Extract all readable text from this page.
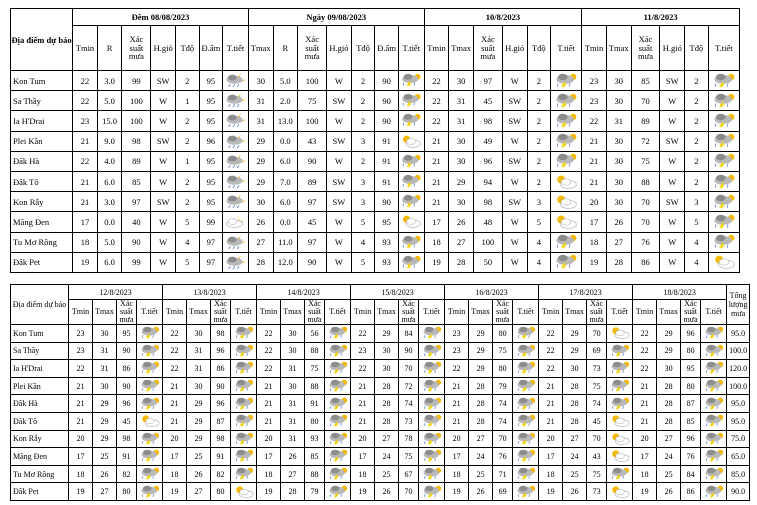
Địa điểm dự báo	Đêm 08/08/2023							Ngày 09/08/2023							10/8/2023						11/8/2023					
	Tmin	R	Xác suất mưa	H.gió	Tđộ	Đ.ẩm	T.tiết	Tmax	R	Xác suất mưa	H.gió	Tđộ	Đ.ẩm	T.tiết	Tmin	Tmax	Xác suất mưa	H.gió	Tđộ	T.tiết	Tmin	Tmax	Xác suất mưa	H.gió	Tđộ	T.tiết
Kon Tum	22	3.0	99	SW	2	95		30	5.0	100	W	2	90		22	30	97	W	2		23	30	85	SW	2	

Sa Thầy	22	5.0	100	W	1	95		31	2.0	75	SW	2	90		22	31	45	SW	2		23	30	70	W	2	

Ia H'Drai	23	15.0	100	W	2	95		31	13.0	100	W	2	90		22	31	98	SW	2		22	31	89	W	2	

Plei Kần	21	9.0	98	SW	2	96		29	0.0	43	SW	3	91		21	30	49	W	2		21	30	72	SW	2	

Đăk Hà	22	4.0	89	W	1	95		29	6.0	90	W	2	91		21	30	96	SW	2		21	30	75	W	2	

Đăk Tô	21	6.0	85	W	2	95		29	7.0	89	SW	3	91		21	29	94	W	2		21	30	88	W	2	

Kon Rẫy	21	3.0	97	SW	2	95		30	6.0	97	SW	3	90		21	30	98	SW	3		20	30	70	SW	3	

Măng Đen	17	0.0	40	W	5	99		26	0.0	45	W	5	95		17	26	48	W	5		17	26	70	W	5	

Tu Mơ Rông	18	5.0	90	W	4	97		27	11.0	97	W	4	93		18	27	100	W	4		18	27	76	W	4	

Đăk Pet	19	6.0	99	W	5	97		28	12.0	90	W	5	93		19	28	50	W	4		19	28	86	W	4	
Địa điểm dự báo	12/8/2023				13/8/2023				14/8/2023				15/8/2023				16/8/2023				17/8/2023				18/8/2023				Tổng lượng mưa
	Tmin	Tmax	Xác suất mưa	T.tiết	Tmin	Tmax	Xác suất mưa	T.tiết	Tmin	Tmax	Xác suất mưa	T.tiết	Tmin	Tmax	Xác suất mưa	T.tiết	Tmin	Tmax	Xác suất mưa	T.tiết	Tmin	Tmax	Xác suất mưa	T.tiết	Tmin	Tmax	Xác suất mưa	T.tiết	
Kon Tum	23	30	95		22	30	98		22	30	56		22	29	84		23	29	80		22	29	70		22	29	96		95.0
Sa Thầy	23	31	90		22	31	96		22	30	88		23	30	90		23	29	75		22	29	69		22	29	80		100.0
Ia H'Drai	22	31	86		22	31	86		22	31	75		22	30	70		22	29	80		22	30	73		22	30	95		120.0
Plei Kần	21	30	90		21	30	90		21	30	88		21	28	72		21	28	79		21	28	75		21	28	80		100.0
Đăk Hà	21	29	96		21	29	96		21	31	91		21	28	74		21	28	74		21	28	74		21	28	87		95.0
Đăk Tô	21	29	45		21	29	87		21	31	80		21	28	73		21	28	74		21	28	45		21	28	85		95.0
Kon Rẫy	20	29	98		20	29	98		20	31	93		20	27	78		20	27	70		20	27	70		20	27	96		75.0
Măng Đen	17	25	91		17	25	91		17	26	85		17	24	75		17	24	76		17	24	43		17	24	76		65.0
Tu Mơ Rông	18	26	82		18	26	82		18	27	88		18	25	67		18	25	71		18	25	75		18	25	84		85.0
Đăk Pet	19	27	80		19	27	80		19	28	79		19	26	70		19	26	69		19	26	73		19	26	86		90.0
